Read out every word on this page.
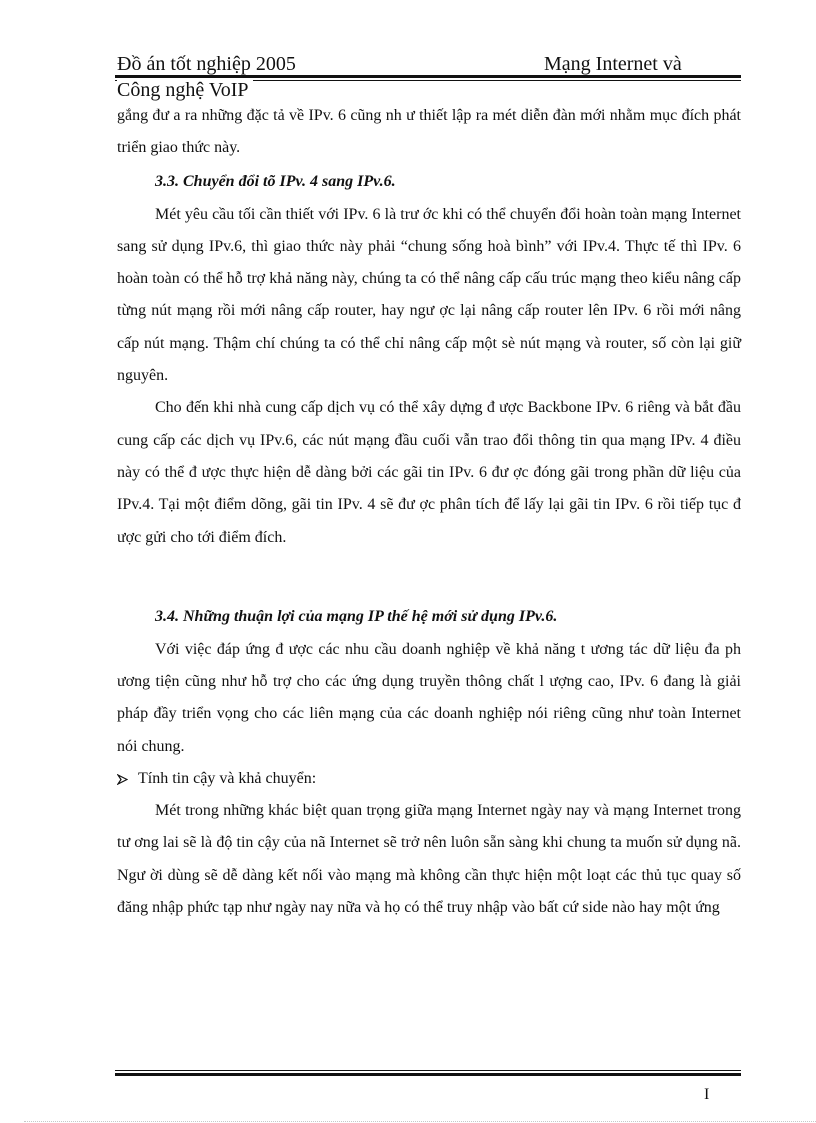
Đồ án tốt nghiệp 2005	Mạng Internet và
Công nghệ VoIP

gắng đư a ra những đặc tả về IPv. 6 cũng nh ư thiết lập ra mét diễn đàn mới nhằm mục đích phát triển giao thức này.

3.3. Chuyển đổi tõ IPv. 4 sang IPv.6.

Mét yêu cầu tối cần thiết với IPv. 6 là trư ớc khi có thể chuyển đổi hoàn toàn mạng Internet sang sử dụng IPv.6, thì giao thức này phải “chung sống hoà bình” với IPv.4. Thực tế thì IPv. 6 hoàn toàn có thể hỗ trợ khả năng này, chúng ta có thể nâng cấp cấu trúc mạng theo kiểu nâng cấp từng nút mạng rồi mới nâng cấp router, hay ngư ợc lại nâng cấp router lên IPv. 6 rồi mới nâng cấp nút mạng. Thậm chí chúng ta có thể chỉ nâng cấp một sè nút mạng và router, số còn lại giữ nguyên.

Cho đến khi nhà cung cấp dịch vụ có thể xây dựng đ ược Backbone IPv. 6 riêng và bắt đầu cung cấp các dịch vụ IPv.6, các nút mạng đầu cuối vẫn trao đổi thông tin qua mạng IPv. 4 điều này có thể đ ược thực hiện dễ dàng bởi các gãi tin IPv. 6 đư ợc đóng gãi trong phần dữ liệu của IPv.4. Tại một điểm dõng, gãi tin IPv. 4 sẽ đư ợc phân tích để lấy lại gãi tin IPv. 6 rồi tiếp tục đ ược gửi cho tới điểm đích.

3.4. Những thuận lợi của mạng IP thế hệ mới sử dụng IPv.6.

Với việc đáp ứng đ ược các nhu cầu doanh nghiệp về khả năng t ương tác dữ liệu đa ph ương tiện cũng như hỗ trợ cho các ứng dụng truyền thông chất l ượng cao, IPv. 6 đang là giải pháp đầy triển vọng cho các liên mạng của các doanh nghiệp nói riêng cũng như toàn Internet nói chung.

Tính tin cậy và khả chuyển:

Mét trong những khác biệt quan trọng giữa mạng Internet ngày nay và mạng Internet trong tư ơng lai sẽ là độ tin cậy của nã Internet sẽ trở nên luôn sẵn sàng khi chung ta muốn sử dụng nã. Ngư ời dùng sẽ dễ dàng kết nối vào mạng mà không cần thực hiện một loạt các thủ tục quay số đăng nhập phức tạp như ngày nay nữa và họ có thể truy nhập vào bất cứ side nào hay một ứng

I
